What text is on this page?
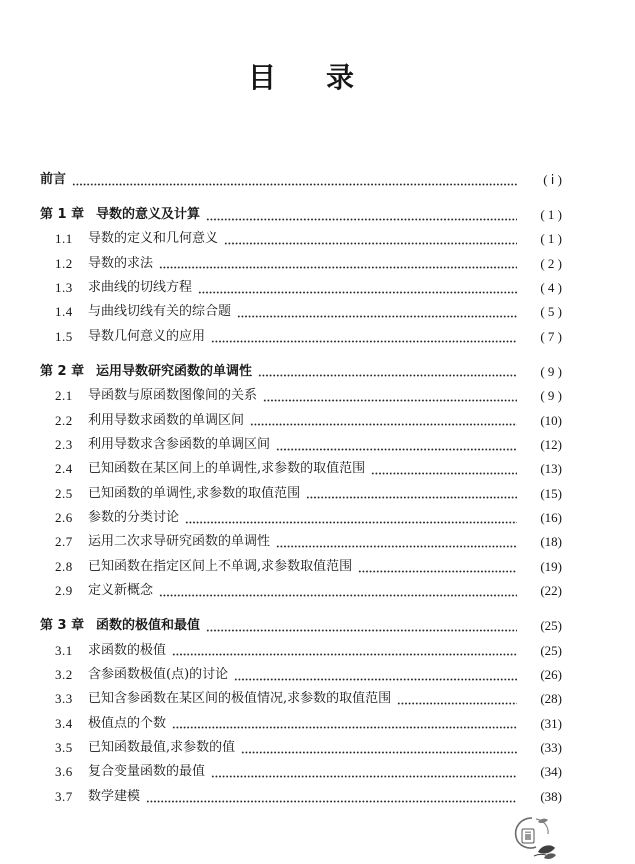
目录
前言	( ⅰ )
第 1 章 导数的意义及计算	( 1 )
1.1	导数的定义和几何意义	( 1 )
1.2	导数的求法	( 2 )
1.3	求曲线的切线方程	( 4 )
1.4	与曲线切线有关的综合题	( 5 )
1.5	导数几何意义的应用	( 7 )
第 2 章 运用导数研究函数的单调性	( 9 )
2.1	导函数与原函数图像间的关系	( 9 )
2.2	利用导数求函数的单调区间	(10)
2.3	利用导数求含参函数的单调区间	(12)
2.4	已知函数在某区间上的单调性,求参数的取值范围	(13)
2.5	已知函数的单调性,求参数的取值范围	(15)
2.6	参数的分类讨论	(16)
2.7	运用二次求导研究函数的单调性	(18)
2.8	已知函数在指定区间上不单调,求参数取值范围	(19)
2.9	定义新概念	(22)
第 3 章 函数的极值和最值	(25)
3.1	求函数的极值	(25)
3.2	含参函数极值(点)的讨论	(26)
3.3	已知含参函数在某区间的极值情况,求参数的取值范围	(28)
3.4	极值点的个数	(31)
3.5	已知函数最值,求参数的值	(33)
3.6	复合变量函数的最值	(34)
3.7	数学建模	(38)
ⅲ
